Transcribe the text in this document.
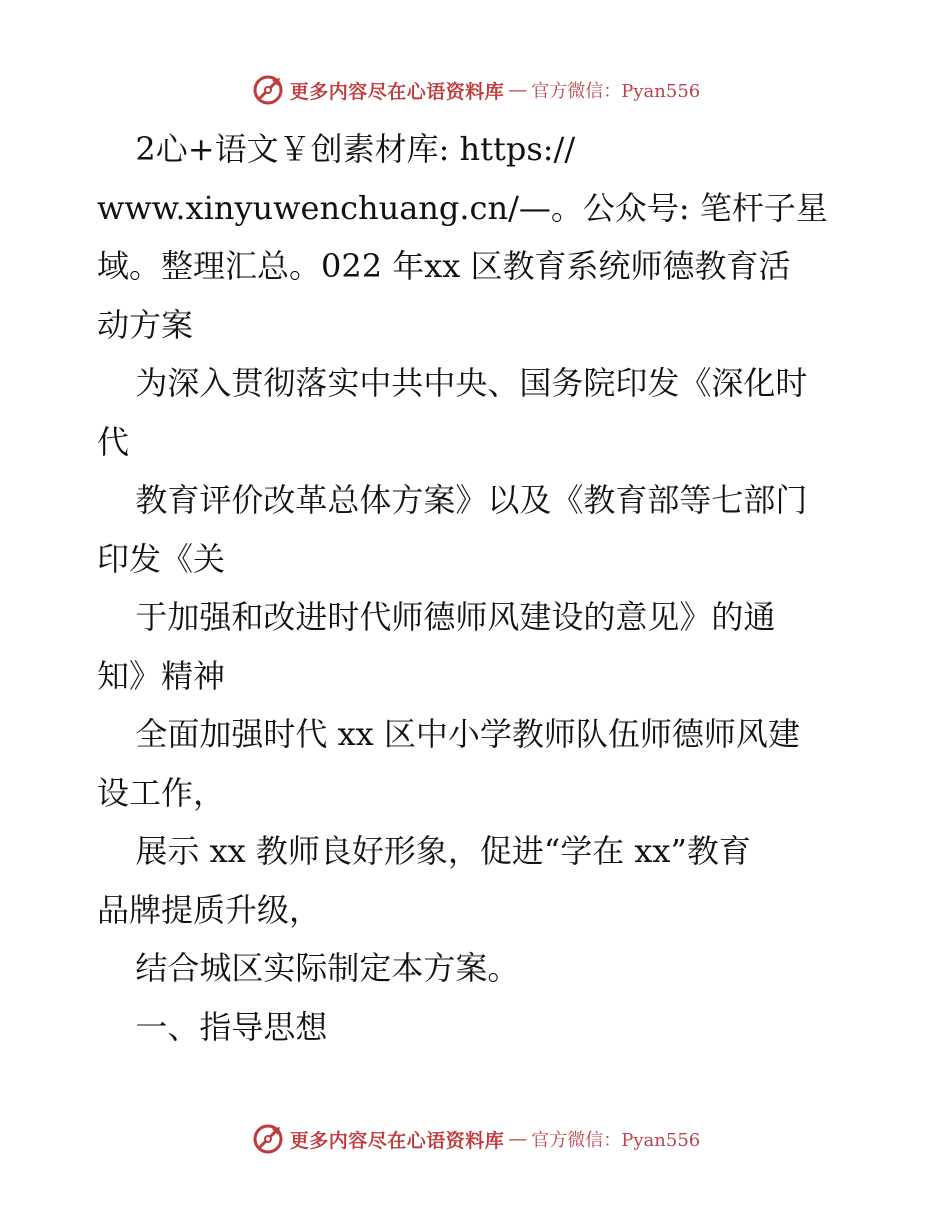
更多内容尽在心语资料库 — 官方微信：Pyan556

2心+语文￥创素材库: https://

www.xinyuwenchuang.cn/—。公众号: 笔杆子星

域。整理汇总。022 年xx 区教育系统师德教育活

动方案

为深入贯彻落实中共中央、国务院印发《深化时

代

教育评价改革总体方案》以及《教育部等七部门

印发《关

于加强和改进时代师德师风建设的意见》的通

知》精神

全面加强时代 xx 区中小学教师队伍师德师风建

设工作，

展示 xx 教师良好形象，促进“学在 xx”教育

品牌提质升级，

结合城区实际制定本方案。

一、指导思想

更多内容尽在心语资料库 — 官方微信：Pyan556
